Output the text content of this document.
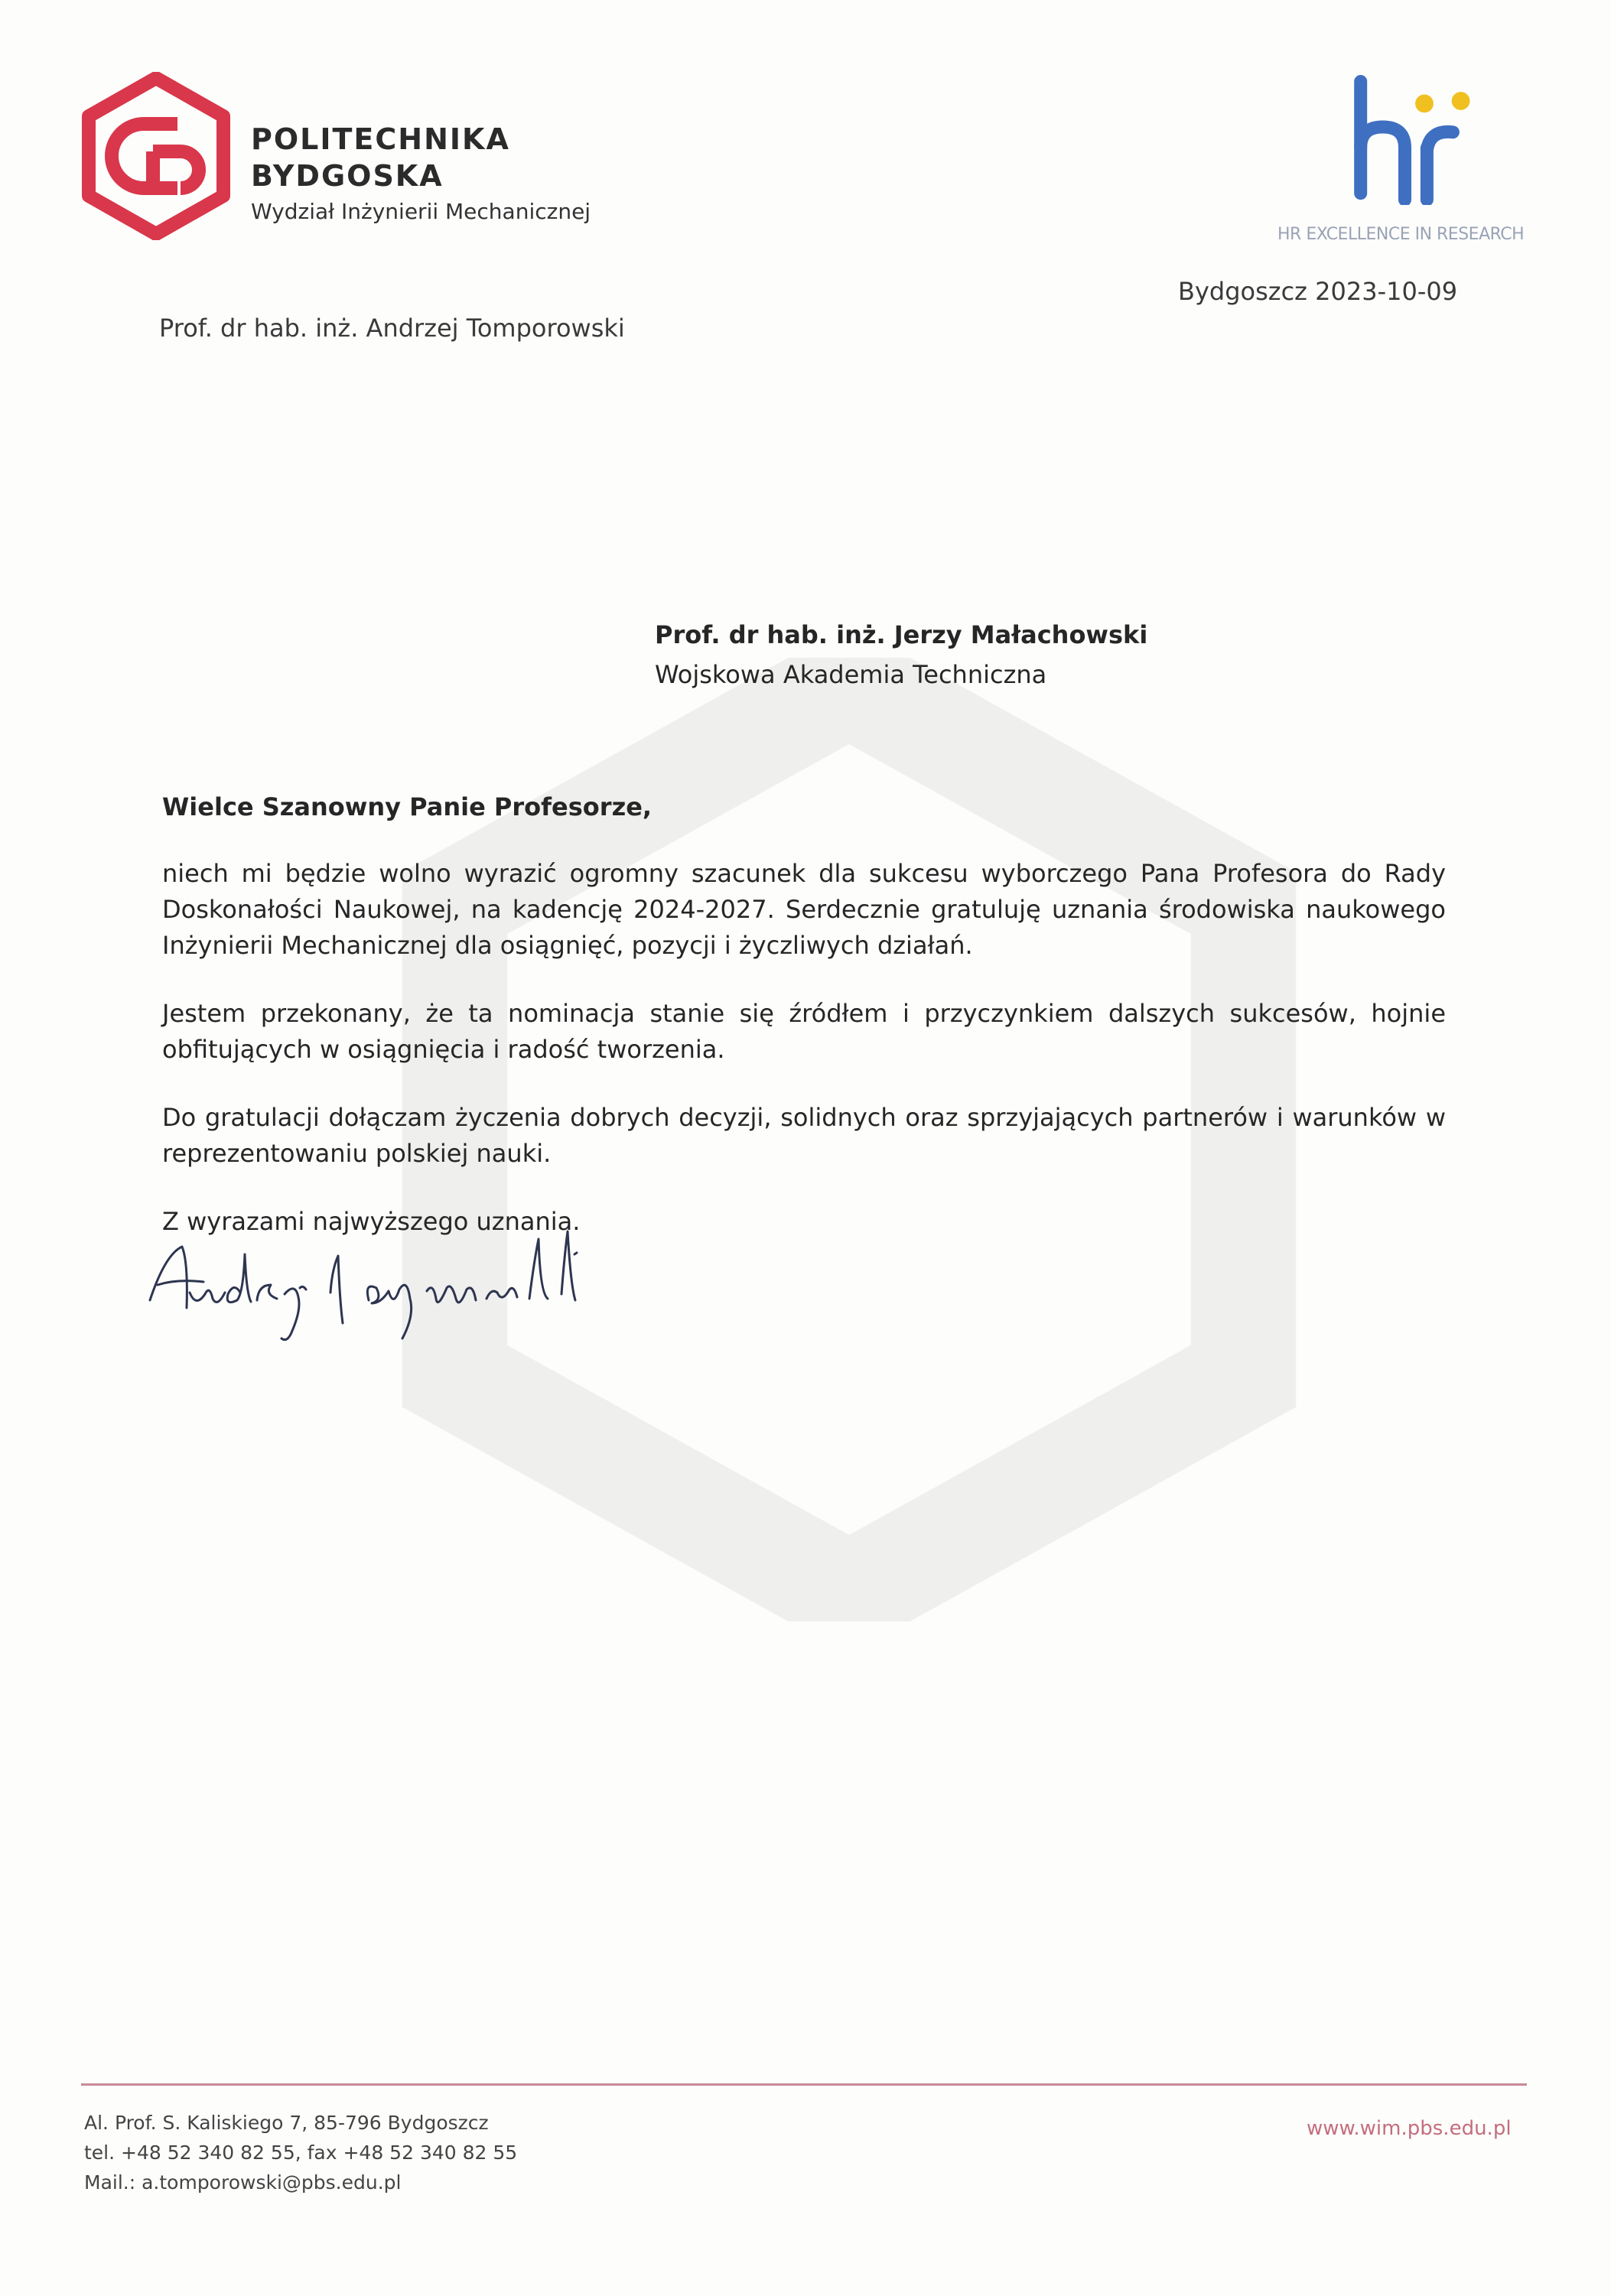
POLITECHNIKA
BYDGOSKA
Wydział Inżynierii Mechanicznej
HR EXCELLENCE IN RESEARCH
Bydgoszcz 2023-10-09
Prof. dr hab. inż. Andrzej Tomporowski
Prof. dr hab. inż. Jerzy Małachowski
Wojskowa Akademia Techniczna

Wielce Szanowny Panie Profesorze,

niech mi będzie wolno wyrazić ogromny szacunek dla sukcesu wyborczego Pana Profesora do Rady Doskonałości Naukowej, na kadencję 2024-2027. Serdecznie gratuluję uznania środowiska naukowego Inżynierii Mechanicznej dla osiągnięć, pozycji i życzliwych działań.

Jestem przekonany, że ta nominacja stanie się źródłem i przyczynkiem dalszych sukcesów, hojnie obfitujących w osiągnięcia i radość tworzenia.

Do gratulacji dołączam życzenia dobrych decyzji, solidnych oraz sprzyjających partnerów i warunków w reprezentowaniu polskiej nauki.

Z wyrazami najwyższego uznania.

Al. Prof. S. Kaliskiego 7, 85-796 Bydgoszcz
tel. +48 52 340 82 55, fax +48 52 340 82 55
Mail.: a.tomporowski@pbs.edu.pl
www.wim.pbs.edu.pl
